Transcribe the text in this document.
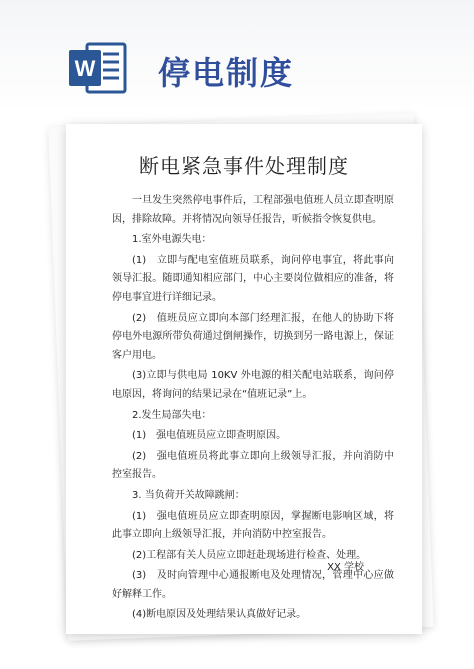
W 停电制度
断电紧急事件处理制度

一旦发生突然停电事件后，工程部强电值班人员立即查明原因，排除故障。并将情况向领导任报告，听候指令恢复供电。

1.室外电源失电：

(1)　立即与配电室值班员联系，询问停电事宜，将此事向领导汇报。随即通知相应部门，中心主要岗位做相应的准备，将停电事宜进行详细记录。

(2)　值班员应立即向本部门经理汇报，在他人的协助下将停电外电源所带负荷通过倒闸操作，切换到另一路电源上，保证客户用电。

(3)立即与供电局 10KV 外电源的相关配电站联系，询问停电原因，将询问的结果记录在“值班记录”上。

2.发生局部失电：

(1)　强电值班员应立即查明原因。

(2)　强电值班员将此事立即向上级领导汇报，并向消防中控室报告。

3. 当负荷开关故障跳闸：

(1)　强电值班员应立即查明原因，掌握断电影响区域，将此事立即向上级领导汇报，并向消防中控室报告。

(2)工程部有关人员应立即赶赴现场进行检查、处理。

(3)　及时向管理中心通报断电及处理情况，管理中心应做好解释工作。

(4)断电原因及处理结果认真做好记录。

XX 学校
